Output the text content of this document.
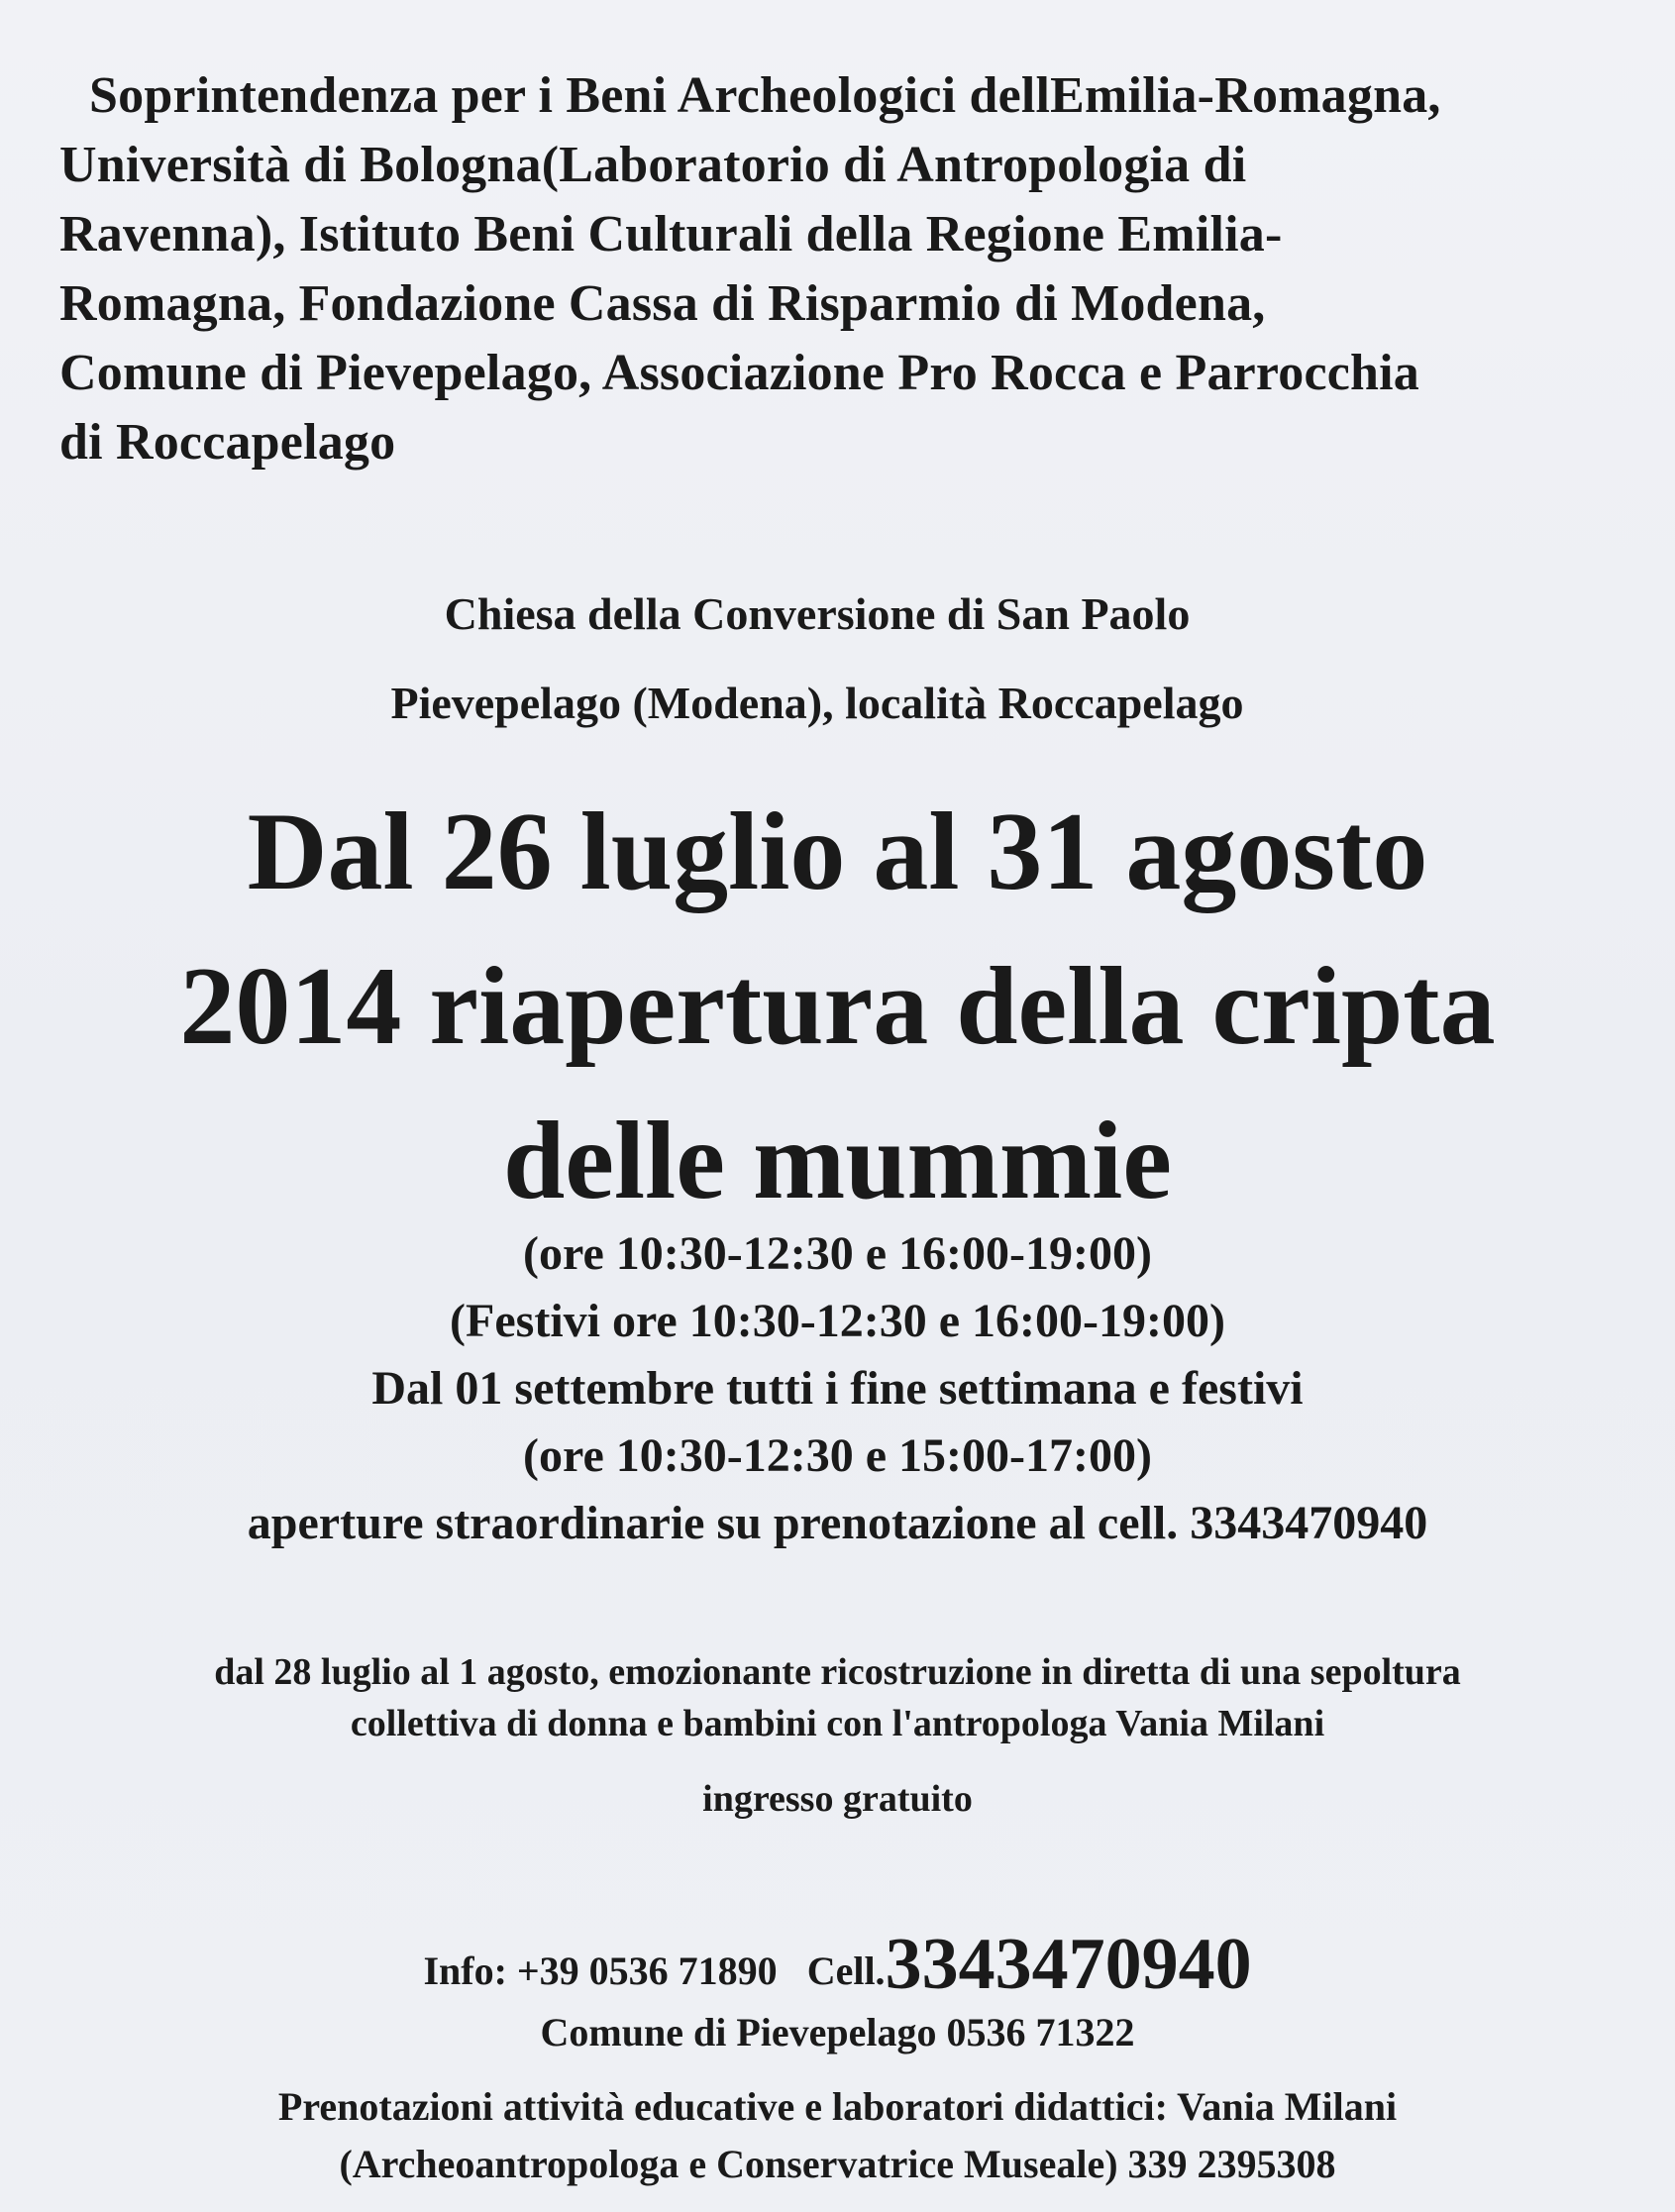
Soprintendenza per i Beni Archeologici dellEmilia-Romagna,
Università di Bologna(Laboratorio di Antropologia di
Ravenna), Istituto Beni Culturali della Regione Emilia-
Romagna, Fondazione Cassa di Risparmio di Modena,
Comune di Pievepelago, Associazione Pro Rocca e Parrocchia
di Roccapelago
Chiesa della Conversione di San Paolo
Pievepelago (Modena), località Roccapelago
Dal 26 luglio al 31 agosto
2014 riapertura della cripta
delle mummie
(ore 10:30-12:30 e 16:00-19:00)
(Festivi ore 10:30-12:30 e 16:00-19:00)
Dal 01 settembre tutti i fine settimana e festivi
(ore 10:30-12:30 e 15:00-17:00)
aperture straordinarie su prenotazione al cell. 3343470940
dal 28 luglio al 1 agosto, emozionante ricostruzione in diretta di una sepoltura
collettiva di donna e bambini con l'antropologa Vania Milani
ingresso gratuito
Info: +39 0536 71890 Cell.3343470940
Comune di Pievepelago 0536 71322
Prenotazioni attività educative e laboratori didattici: Vania Milani
(Archeoantropologa e Conservatrice Museale) 339 2395308
